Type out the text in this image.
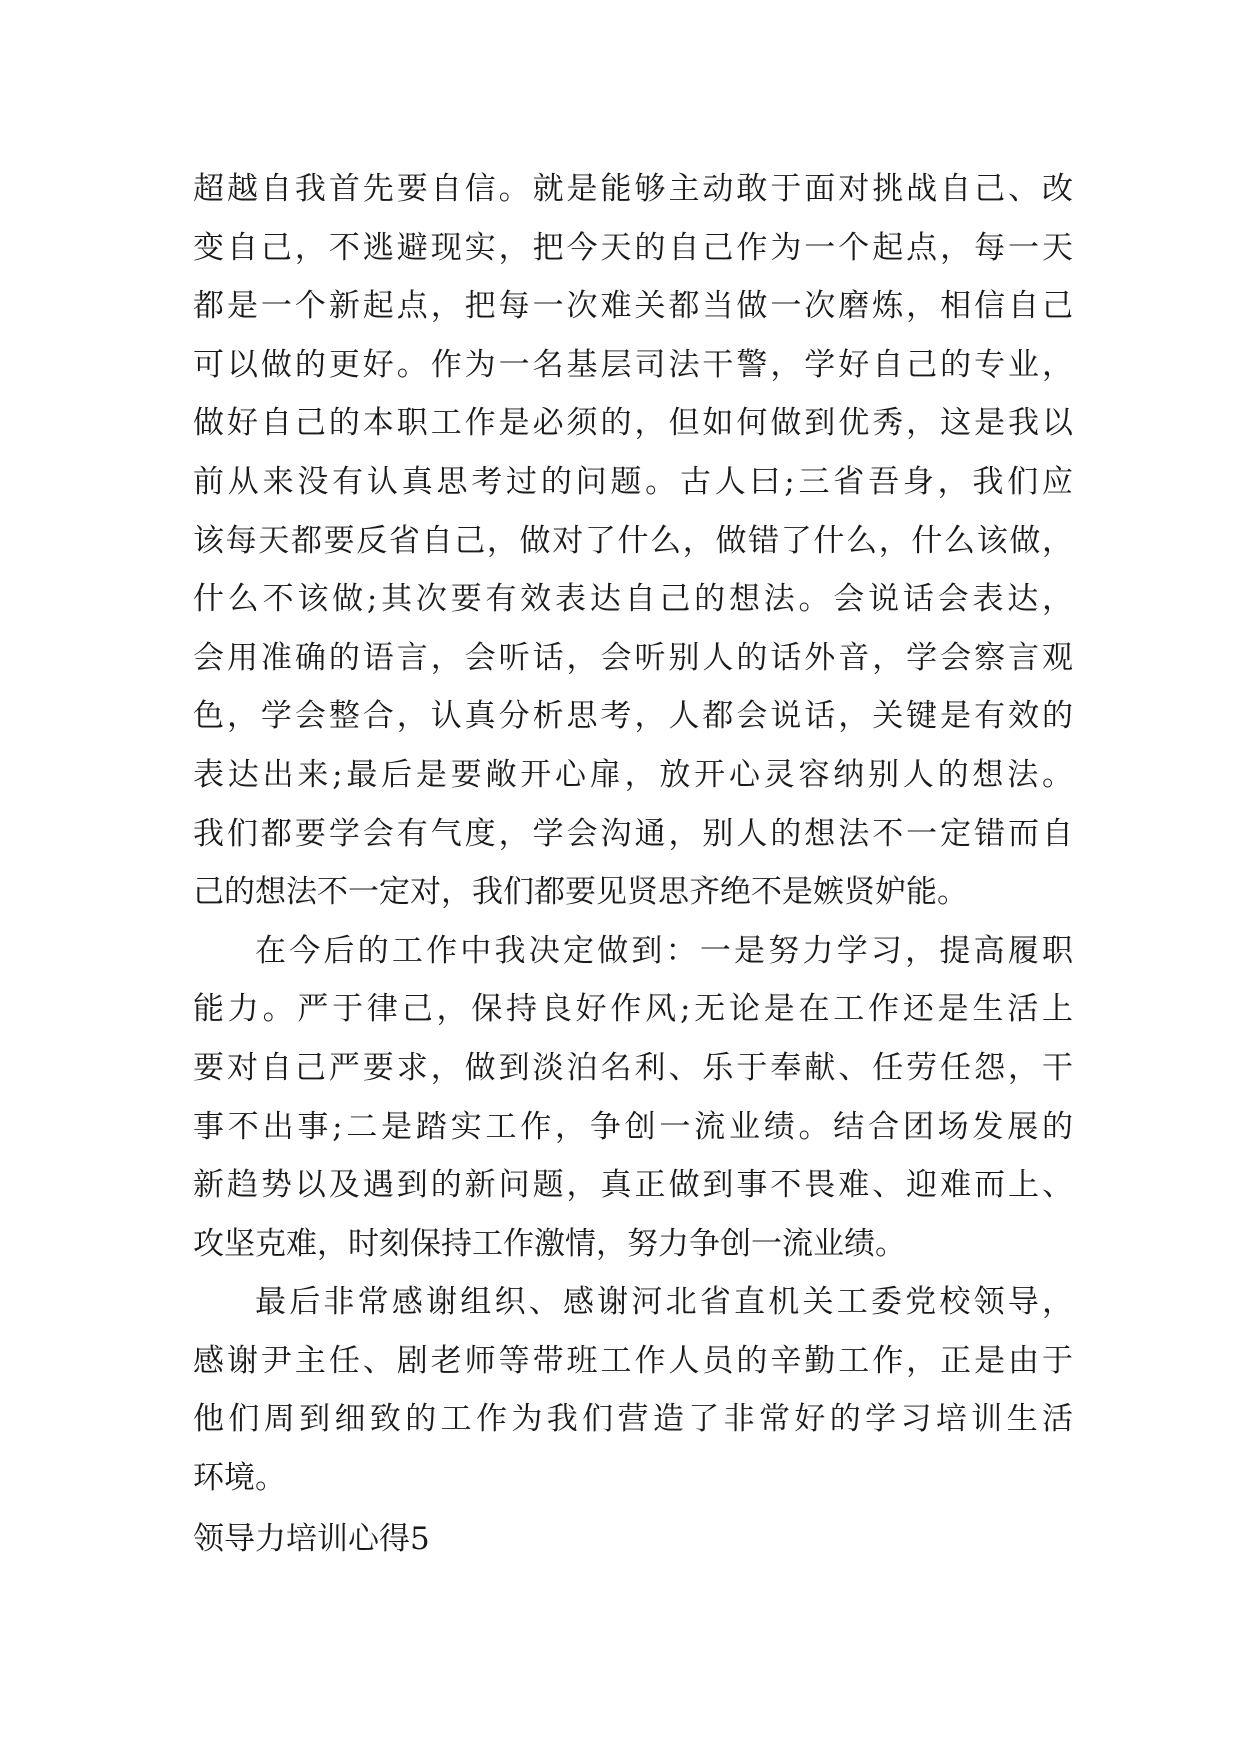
超越自我首先要自信。就是能够主动敢于面对挑战自己、改
变自己，不逃避现实，把今天的自己作为一个起点，每一天
都是一个新起点，把每一次难关都当做一次磨炼，相信自己
可以做的更好。作为一名基层司法干警，学好自己的专业，
做好自己的本职工作是必须的，但如何做到优秀，这是我以
前从来没有认真思考过的问题。古人曰;三省吾身，我们应
该每天都要反省自己，做对了什么，做错了什么，什么该做，
什么不该做;其次要有效表达自己的想法。会说话会表达，
会用准确的语言，会听话，会听别人的话外音，学会察言观
色，学会整合，认真分析思考，人都会说话，关键是有效的
表达出来;最后是要敞开心扉，放开心灵容纳别人的想法。
我们都要学会有气度，学会沟通，别人的想法不一定错而自
己的想法不一定对，我们都要见贤思齐绝不是嫉贤妒能。
在今后的工作中我决定做到：一是努力学习，提高履职
能力。严于律己，保持良好作风;无论是在工作还是生活上
要对自己严要求，做到淡泊名利、乐于奉献、任劳任怨，干
事不出事;二是踏实工作，争创一流业绩。结合团场发展的
新趋势以及遇到的新问题，真正做到事不畏难、迎难而上、
攻坚克难，时刻保持工作激情，努力争创一流业绩。
最后非常感谢组织、感谢河北省直机关工委党校领导，
感谢尹主任、剧老师等带班工作人员的辛勤工作，正是由于
他们周到细致的工作为我们营造了非常好的学习培训生活
环境。
领导力培训心得5
